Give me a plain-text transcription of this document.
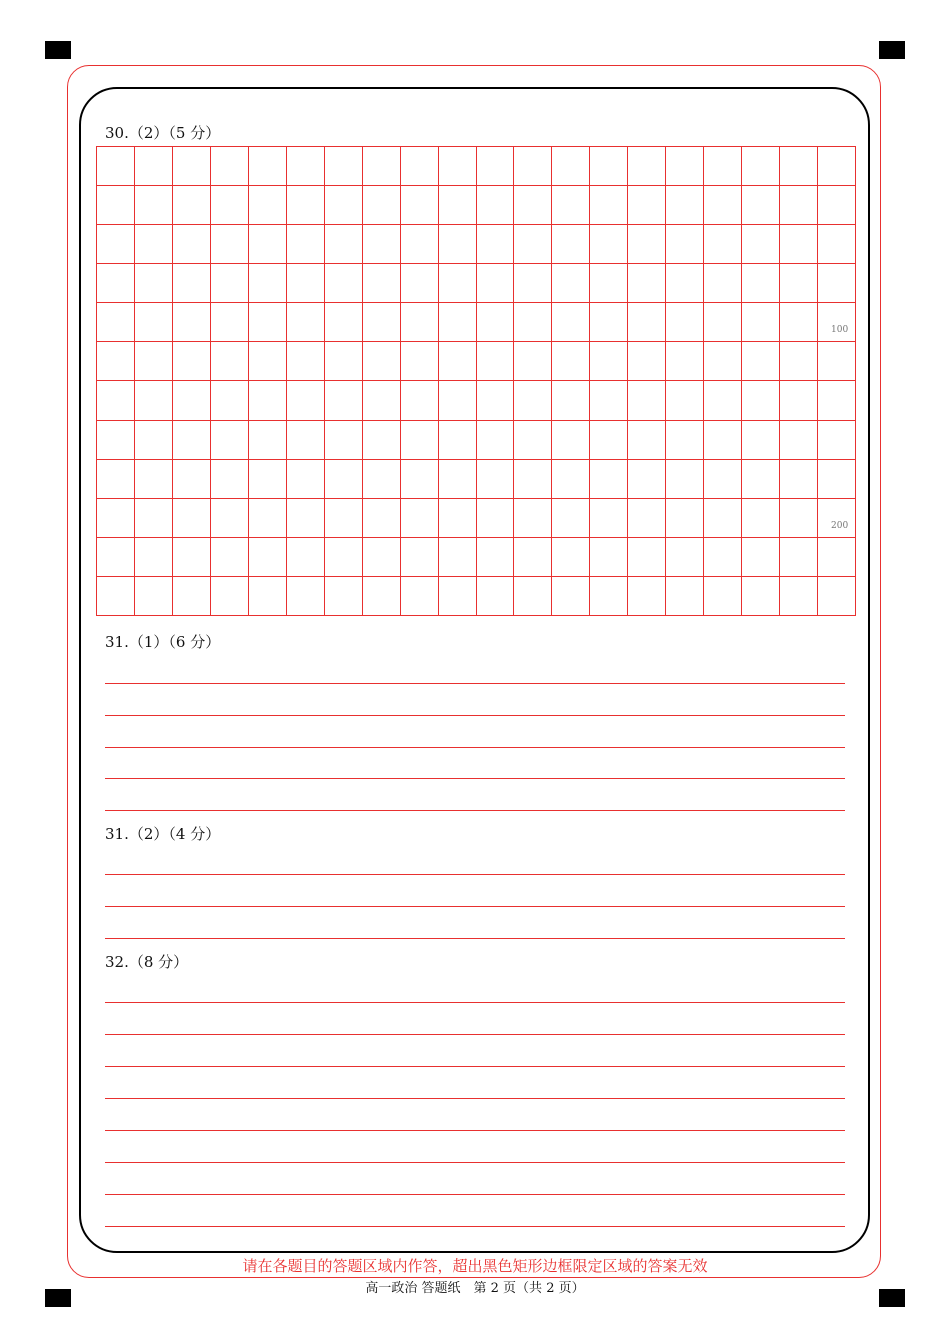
30.（2）（5 分）
100
200
31.（1）（6 分）
31.（2）（4 分）
32.（8 分）
请在各题目的答题区域内作答，超出黑色矩形边框限定区域的答案无效
高一政治 答题纸　第 2 页（共 2 页）
